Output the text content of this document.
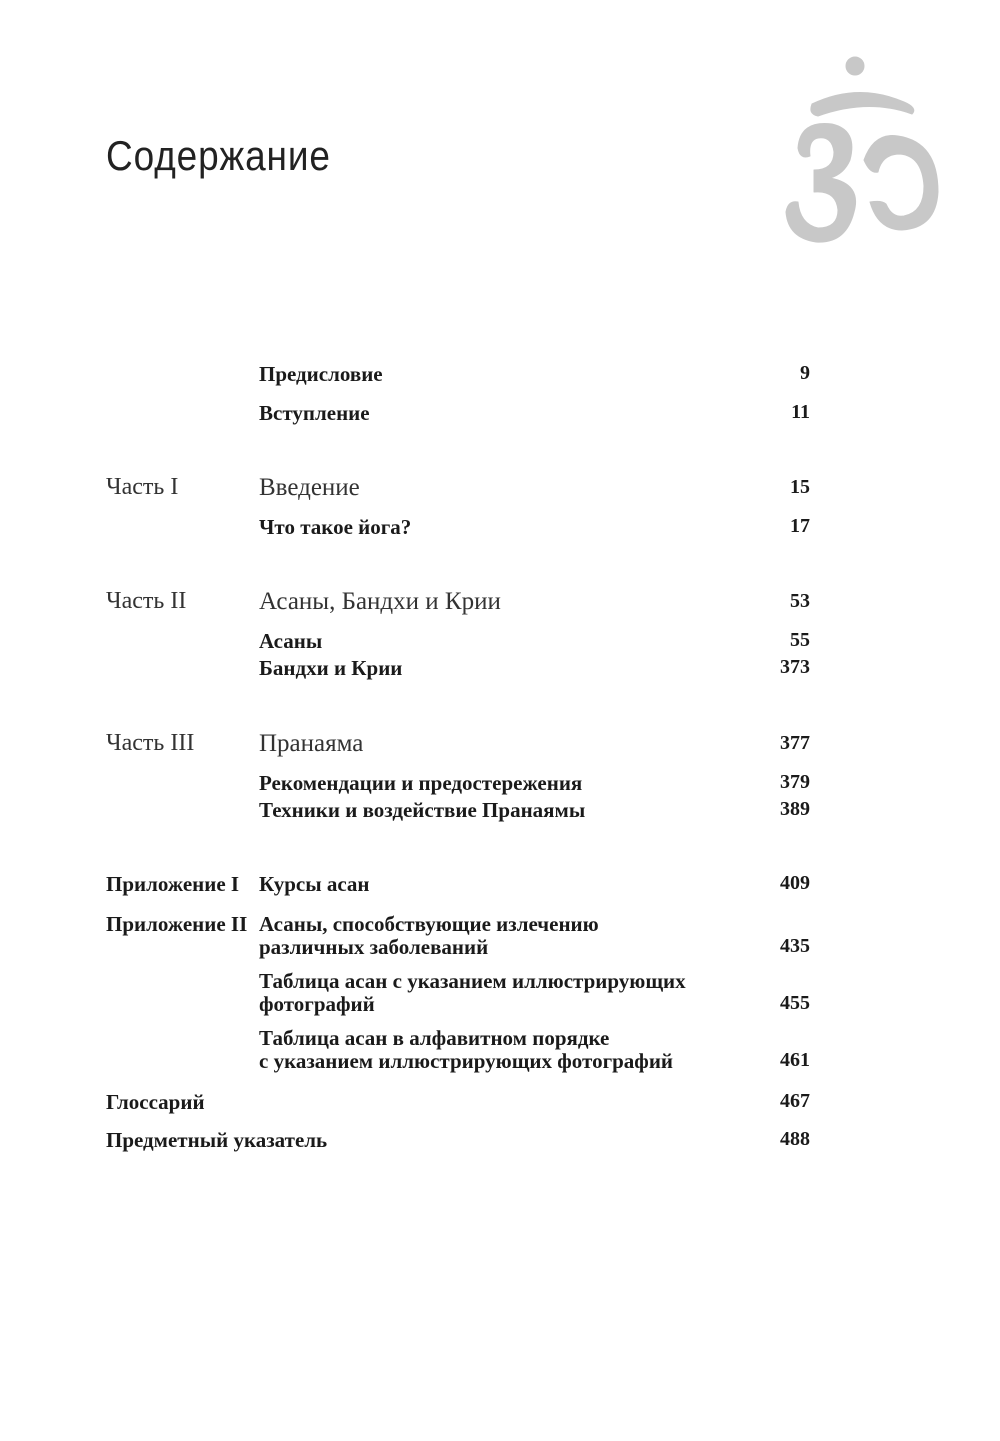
Содержание
Предисловие	9
Вступление	11
Часть I	Введение	15
Что такое йога?	17
Часть II	Асаны, Бандхи и Крии	53
Асаны	55
Бандхи и Крии	373
Часть III	Пранаяма	377
Рекомендации и предостережения	379
Техники и воздействие Пранаямы	389
Приложение I Курсы асан	409
Приложение II Асаны, способствующие излечению
различных заболеваний	435
Таблица асан с указанием иллюстрирующих
фотографий	455
Таблица асан в алфавитном порядке
с указанием иллюстрирующих фотографий	461
Глоссарий	467
Предметный указатель	488
